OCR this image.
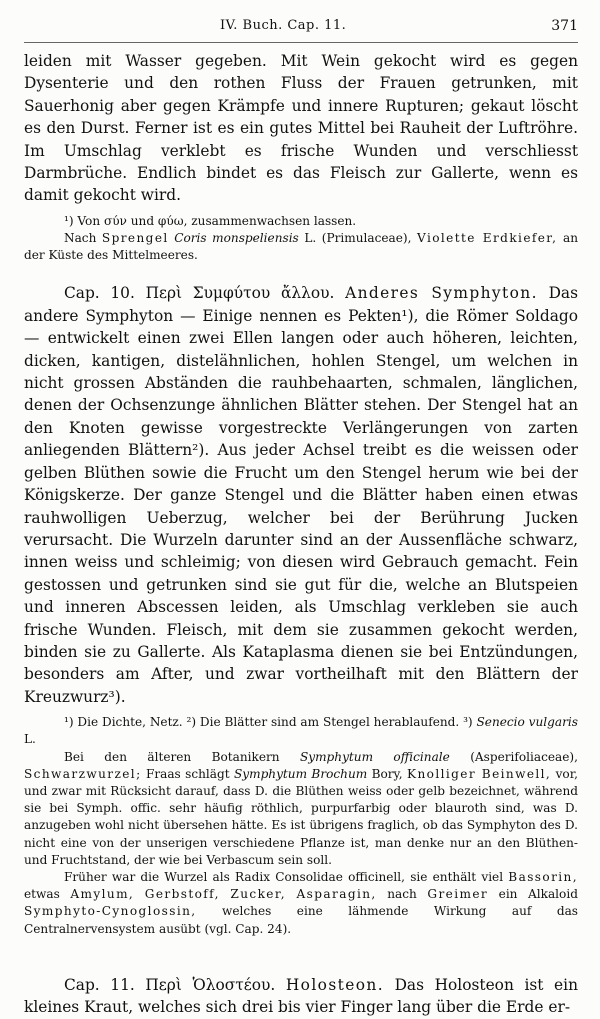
IV. Buch. Cap. 11.	371

leiden mit Wasser gegeben. Mit Wein gekocht wird es gegen Dysenterie und den rothen Fluss der Frauen getrunken, mit Sauerhonig aber gegen Krämpfe und innere Rupturen; gekaut löscht es den Durst. Ferner ist es ein gutes Mittel bei Rauheit der Luftröhre. Im Umschlag verklebt es frische Wunden und verschliesst Darmbrüche. Endlich bindet es das Fleisch zur Gallerte, wenn es damit gekocht wird.

¹) Von σύν und φύω, zusammenwachsen lassen.

Nach Sprengel Coris monspeliensis L. (Primulaceae), Violette Erdkiefer, an der Küste des Mittelmeeres.

Cap. 10. Περὶ Συμφύτου ἄλλου. Anderes Symphyton. Das andere Symphyton — Einige nennen es Pekten¹), die Römer Soldago — entwickelt einen zwei Ellen langen oder auch höheren, leichten, dicken, kantigen, distelähnlichen, hohlen Stengel, um welchen in nicht grossen Abständen die rauhbehaarten, schmalen, länglichen, denen der Ochsenzunge ähnlichen Blätter stehen. Der Stengel hat an den Knoten gewisse vorgestreckte Verlängerungen von zarten anliegenden Blättern²). Aus jeder Achsel treibt es die weissen oder gelben Blüthen sowie die Frucht um den Stengel herum wie bei der Königskerze. Der ganze Stengel und die Blätter haben einen etwas rauhwolligen Ueberzug, welcher bei der Berührung Jucken verursacht. Die Wurzeln darunter sind an der Aussenfläche schwarz, innen weiss und schleimig; von diesen wird Gebrauch gemacht. Fein gestossen und getrunken sind sie gut für die, welche an Blutspeien und inneren Abscessen leiden, als Umschlag verkleben sie auch frische Wunden. Fleisch, mit dem sie zusammen gekocht werden, binden sie zu Gallerte. Als Kataplasma dienen sie bei Entzündungen, besonders am After, und zwar vortheilhaft mit den Blättern der Kreuzwurz³).

¹) Die Dichte, Netz. ²) Die Blätter sind am Stengel herablaufend. ³) Senecio vulgaris L.

Bei den älteren Botanikern Symphytum officinale (Asperifoliaceae), Schwarzwurzel; Fraas schlägt Symphytum Brochum Bory, Knolliger Beinwell, vor, und zwar mit Rücksicht darauf, dass D. die Blüthen weiss oder gelb bezeichnet, während sie bei Symph. offic. sehr häufig röthlich, purpurfarbig oder blauroth sind, was D. anzugeben wohl nicht übersehen hätte. Es ist übrigens fraglich, ob das Symphyton des D. nicht eine von der unserigen verschiedene Pflanze ist, man denke nur an den Blüthen- und Fruchtstand, der wie bei Verbascum sein soll.

Früher war die Wurzel als Radix Consolidae officinell, sie enthält viel Bassorin, etwas Amylum, Gerbstoff, Zucker, Asparagin, nach Greimer ein Alkaloid Symphyto-Cynoglossin, welches eine lähmende Wirkung auf das Centralnervensystem ausübt (vgl. Cap. 24).

Cap. 11. Περὶ Ὁλοστέου. Holosteon. Das Holosteon ist ein kleines Kraut, welches sich drei bis vier Finger lang über die Erde er-
